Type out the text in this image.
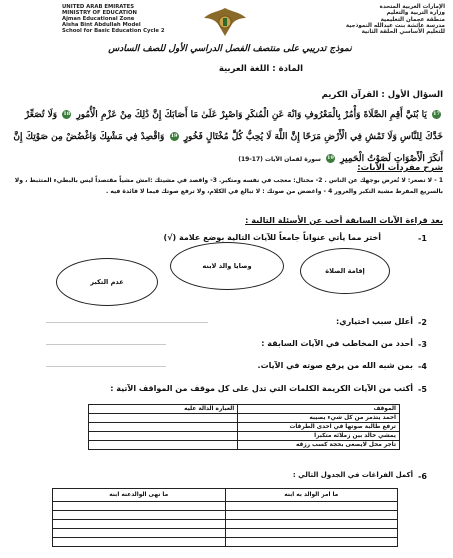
UNITED ARAB EMIRATES
MINISTRY OF EDUCATION
Ajman Educational Zone
Aisha Bint Abdullah Model
School for Basic Education Cycle 2
الإمارات العربية المتحدة
وزارة التربية والتعليم
منطقة عجمان التعليمية
مدرسة عائشة بنت عبدالله النموذجية
للتعليم الأساسي الحلقة الثانية
نموذج تدريبي على منتصف الفصل الدراسي الأول للصف السادس
المادة : اللغة العربية
السؤال الأول : القرآن الكريم
17 يَا بُنَيَّ أَقِمِ الصَّلَاةَ وَأْمُرْ بِالْمَعْرُوفِ وَانْهَ عَنِ الْمُنكَرِ وَاصْبِرْ عَلَىٰ مَا أَصَابَكَ إِنَّ ذَٰلِكَ مِنْ عَزْمِ الْأُمُورِ 18 وَلَا تُصَعِّرْ خَدَّكَ لِلنَّاسِ وَلَا تَمْشِ فِي الْأَرْضِ مَرَحًا إِنَّ اللَّهَ لَا يُحِبُّ كُلَّ مُخْتَالٍ فَخُورٍ 19 وَاقْصِدْ فِي مَشْيِكَ وَاغْضُضْ مِن صَوْتِكَ إِنَّ أَنكَرَ الْأَصْوَاتِ لَصَوْتُ الْحَمِيرِ 19 سورة لقمان الآيات (17-19)
شرح مفردات الآيات:
1 - لا تصعر: لا تُعرض بوجهك عن الناس . 2- مختال: معجب في نفسه ومتكبر. 3- واقصد في مشيتك :امش مشياً مقتصداً ليس بالبطيء المتثبط ، ولا
بالسريع المفرط مشية التكبر والغرور 4 - واغضض من صوتك : لا تبالغ في الكلام، ولا ترفع صوتك فيما لا فائدة فيه .
بعد قراءة الآيات السابقة أجب عن الأسئلة التالية :
-1
أختر مما يأتي عنواناً جامعاً للآيات التالية بوضع علامة (√)
إقامة الصلاة
وصايا والد لابنه
عدم التكبر
-2
أعلل سبب اختياري:
………………………………………………………………………
-3
أحدد من المخاطب في الآيات السابقة :
……………………………………………………
-4
بمن شبه الله من يرفع صوته في الآيات.
……………………………………………………
-5
أكتب من الآيات الكريمة الكلمات التي تدل على كل موقف من المواقف الآتية :
الموقف	العبارة الدالة عليه
احمد يتذمر من كل شيء يصيبه	
ترفع طالبة صوتها في احدى الطرقات	
يمشي خالد بين زملائه متكبرا	
تاجر محل لايصغى بحجة كسب رزقه	
-6
أكمل الفراغات في الجدول التالي :
ما امر الوالد به ابنه	ما نهى الوالدعنه ابنه
